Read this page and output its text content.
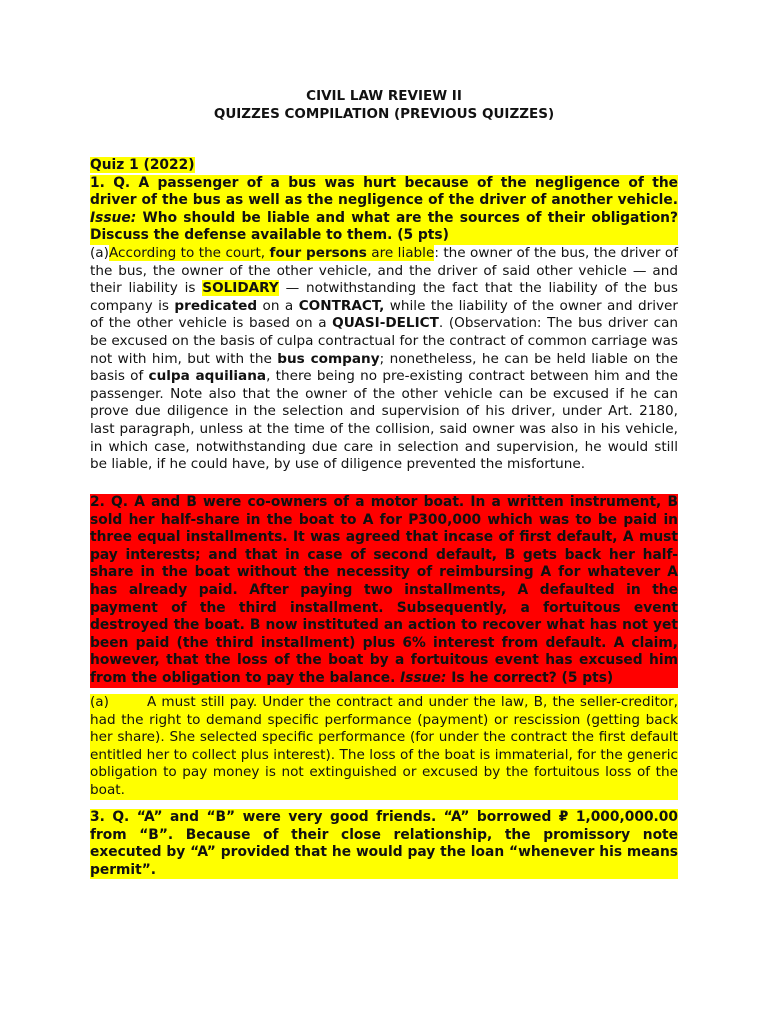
CIVIL LAW REVIEW II
QUIZZES COMPILATION (PREVIOUS QUIZZES)
Quiz 1 (2022)
1. Q. A passenger of a bus was hurt because of the negligence of the driver of the bus as well as the negligence of the driver of another vehicle. Issue: Who should be liable and what are the sources of their obligation? Discuss the defense available to them. (5 pts)
(a)According to the court, four persons are liable: the owner of the bus, the driver of the bus, the owner of the other vehicle, and the driver of said other vehicle — and their liability is SOLIDARY — notwithstanding the fact that the liability of the bus company is predicated on a CONTRACT, while the liability of the owner and driver of the other vehicle is based on a QUASI-DELICT. (Observation: The bus driver can be excused on the basis of culpa contractual for the contract of common carriage was not with him, but with the bus company; nonetheless, he can be held liable on the basis of culpa aquiliana, there being no pre-existing contract between him and the passenger. Note also that the owner of the other vehicle can be excused if he can prove due diligence in the selection and supervision of his driver, under Art. 2180, last paragraph, unless at the time of the collision, said owner was also in his vehicle, in which case, notwithstanding due care in selection and supervision, he would still be liable, if he could have, by use of diligence prevented the misfortune.
2. Q. A and B were co-owners of a motor boat. In a written instrument, B sold her half-share in the boat to A for P300,000 which was to be paid in three equal installments. It was agreed that incase of first default, A must pay interests; and that in case of second default, B gets back her half-share in the boat without the necessity of reimbursing A for whatever A has already paid. After paying two installments, A defaulted in the payment of the third installment. Subsequently, a fortuitous event destroyed the boat. B now instituted an action to recover what has not yet been paid (the third installment) plus 6% interest from default. A claim, however, that the loss of the boat by a fortuitous event has excused him from the obligation to pay the balance. Issue: Is he correct? (5 pts)
(a)	A must still pay. Under the contract and under the law, B, the seller-creditor, had the right to demand specific performance (payment) or rescission (getting back her share). She selected specific performance (for under the contract the first default entitled her to collect plus interest). The loss of the boat is immaterial, for the generic obligation to pay money is not extinguished or excused by the fortuitous loss of the boat.
3. Q. “A” and “B” were very good friends. “A” borrowed ₽ 1,000,000.00 from “B”. Because of their close relationship, the promissory note executed by “A” provided that he would pay the loan “whenever his means permit”.
